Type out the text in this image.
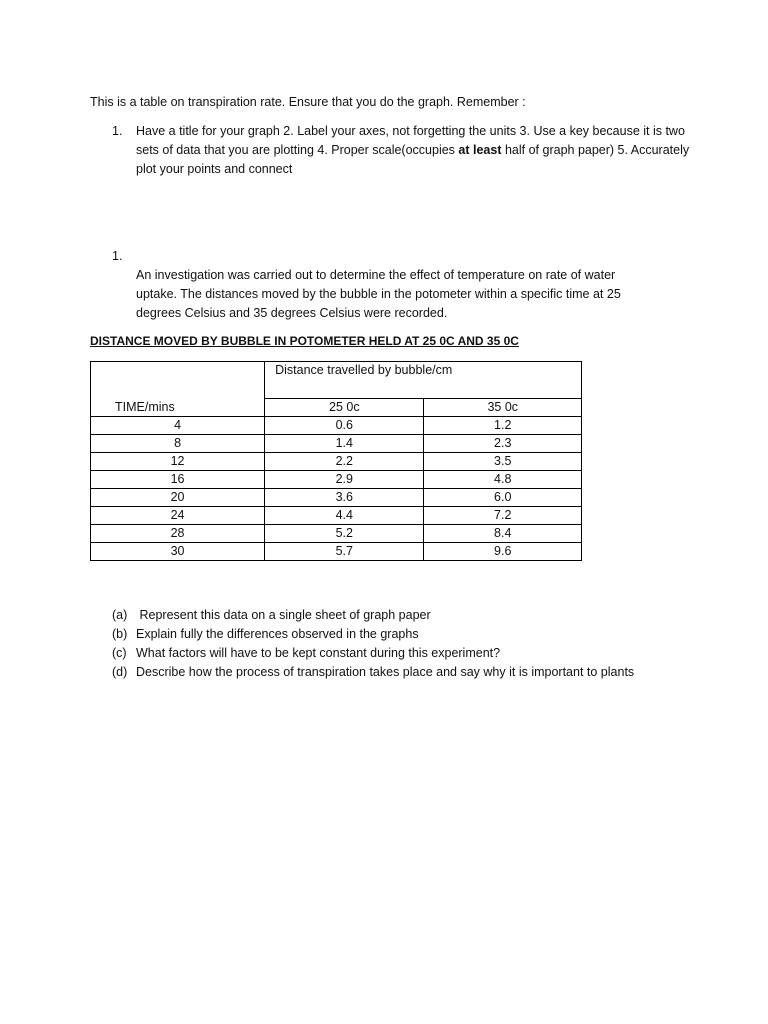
This is a table on transpiration rate. Ensure that you do the graph. Remember :
1. Have a title for your graph 2. Label your axes, not forgetting the units 3. Use a key because it is two sets of data that you are plotting 4. Proper scale(occupies at least half of graph paper) 5. Accurately plot your points and connect
1.
An investigation was carried out to determine the effect of temperature on rate of water uptake. The distances moved by the bubble in the potometer within a specific time at 25 degrees Celsius and 35 degrees Celsius were recorded.
DISTANCE MOVED BY BUBBLE IN POTOMETER HELD AT 25 0C AND 35 0C
TIME/mins	Distance travelled by bubble/cm	
	25 0c	35 0c
4	0.6	1.2
8	1.4	2.3
12	2.2	3.5
16	2.9	4.8
20	3.6	6.0
24	4.4	7.2
28	5.2	8.4
30	5.7	9.6
(a) Represent this data on a single sheet of graph paper
(b) Explain fully the differences observed in the graphs
(c) What factors will have to be kept constant during this experiment?
(d) Describe how the process of transpiration takes place and say why it is important to plants
